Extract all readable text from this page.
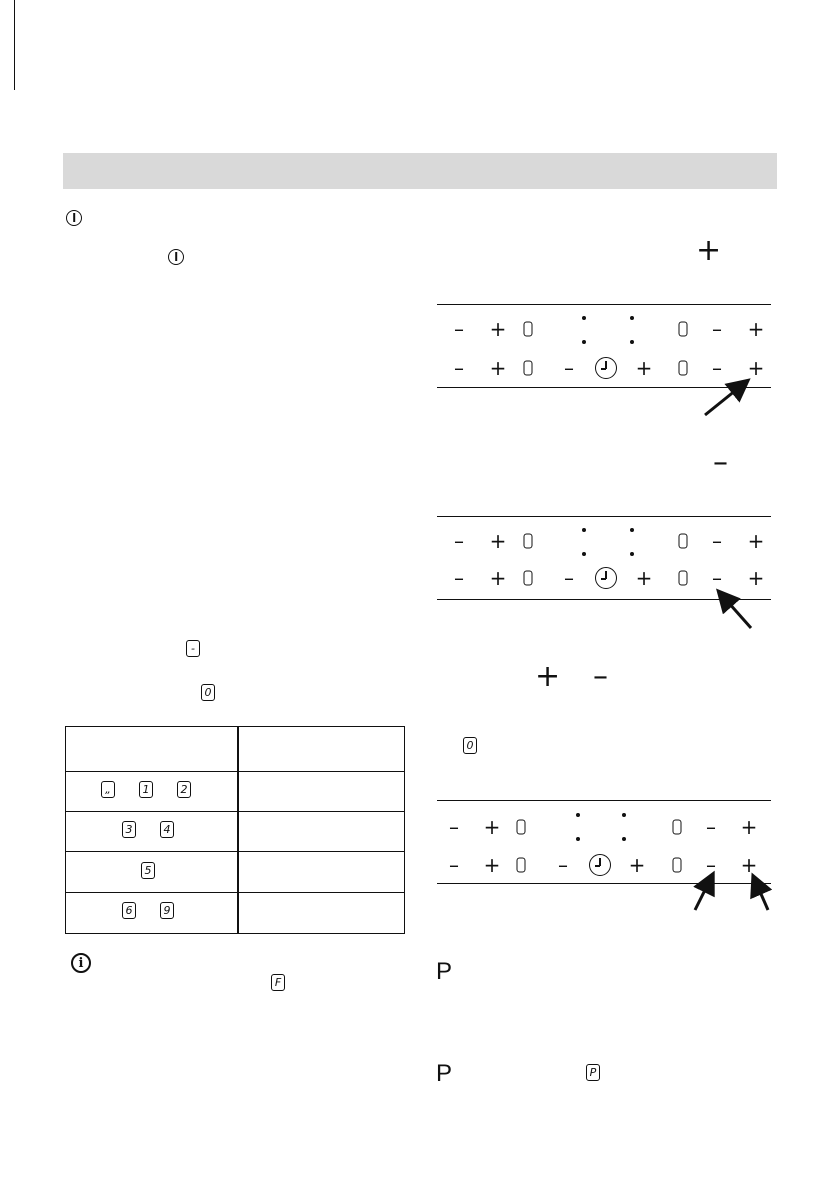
-
0
„	1	2
3	4
5
6	9
i
F
+
–
+ –
0
– +	– +
– +	–	+	– +
– +	– +
– +	–	+	– +
– +	– +
– +	–	+	– +
P
P	P
